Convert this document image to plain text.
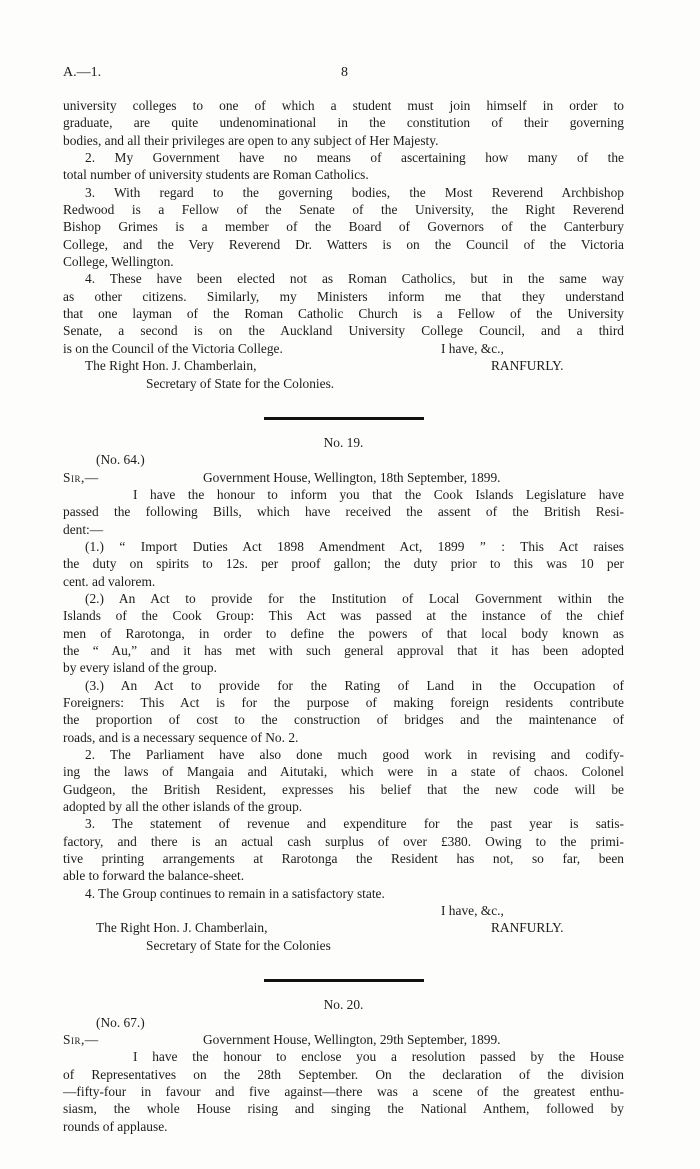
A.—1.	8
university colleges to one of which a student must join himself in order to
graduate, are quite undenominational in the constitution of their governing
bodies, and all their privileges are open to any subject of Her Majesty.
2. My Government have no means of ascertaining how many of the
total number of university students are Roman Catholics.
3. With regard to the governing bodies, the Most Reverend Archbishop
Redwood is a Fellow of the Senate of the University, the Right Reverend
Bishop Grimes is a member of the Board of Governors of the Canterbury
College, and the Very Reverend Dr. Watters is on the Council of the Victoria
College, Wellington.
4. These have been elected not as Roman Catholics, but in the same way
as other citizens. Similarly, my Ministers inform me that they understand
that one layman of the Roman Catholic Church is a Fellow of the University
Senate, a second is on the Auckland University College Council, and a third
is on the Council of the Victoria College.	I have, &c.,
The Right Hon. J. Chamberlain,	RANFURLY.
Secretary of State for the Colonies.
No. 19.
(No. 64.)
Sir,—	Government House, Wellington, 18th September, 1899.
I have the honour to inform you that the Cook Islands Legislature have
passed the following Bills, which have received the assent of the British Resi-
dent:—
(1.) “ Import Duties Act 1898 Amendment Act, 1899 ” : This Act raises
the duty on spirits to 12s. per proof gallon; the duty prior to this was 10 per
cent. ad valorem.
(2.) An Act to provide for the Institution of Local Government within the
Islands of the Cook Group: This Act was passed at the instance of the chief
men of Rarotonga, in order to define the powers of that local body known as
the “ Au,” and it has met with such general approval that it has been adopted
by every island of the group.
(3.) An Act to provide for the Rating of Land in the Occupation of
Foreigners: This Act is for the purpose of making foreign residents contribute
the proportion of cost to the construction of bridges and the maintenance of
roads, and is a necessary sequence of No. 2.
2. The Parliament have also done much good work in revising and codify-
ing the laws of Mangaia and Aitutaki, which were in a state of chaos. Colonel
Gudgeon, the British Resident, expresses his belief that the new code will be
adopted by all the other islands of the group.
3. The statement of revenue and expenditure for the past year is satis-
factory, and there is an actual cash surplus of over £380. Owing to the primi-
tive printing arrangements at Rarotonga the Resident has not, so far, been
able to forward the balance-sheet.
4. The Group continues to remain in a satisfactory state.
I have, &c.,
The Right Hon. J. Chamberlain,	RANFURLY.
Secretary of State for the Colonies
No. 20.
(No. 67.)
Sir,—	Government House, Wellington, 29th September, 1899.
I have the honour to enclose you a resolution passed by the House
of Representatives on the 28th September. On the declaration of the division
—fifty-four in favour and five against—there was a scene of the greatest enthu-
siasm, the whole House rising and singing the National Anthem, followed by
rounds of applause.
